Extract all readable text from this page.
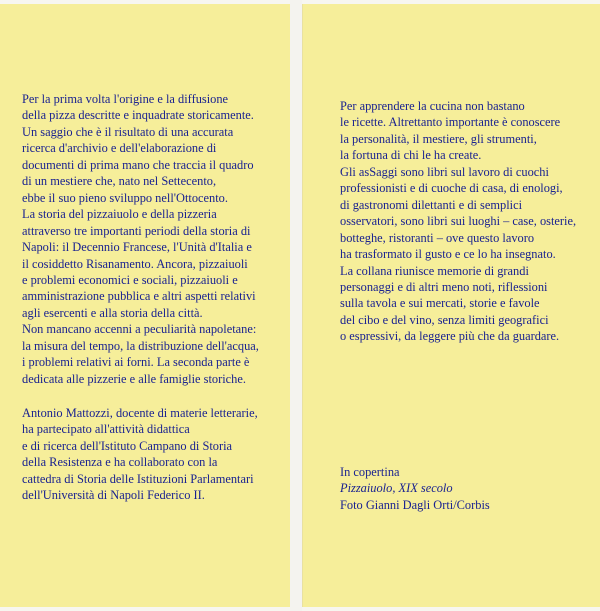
Per la prima volta l'origine e la diffusione
della pizza descritte e inquadrate storicamente.
Un saggio che è il risultato di una accurata
ricerca d'archivio e dell'elaborazione di
documenti di prima mano che traccia il quadro
di un mestiere che, nato nel Settecento,
ebbe il suo pieno sviluppo nell'Ottocento.
La storia del pizzaiuolo e della pizzeria
attraverso tre importanti periodi della storia di
Napoli: il Decennio Francese, l'Unità d'Italia e
il cosiddetto Risanamento. Ancora, pizzaiuoli
e problemi economici e sociali, pizzaiuoli e
amministrazione pubblica e altri aspetti relativi
agli esercenti e alla storia della città.
Non mancano accenni a peculiarità napoletane:
la misura del tempo, la distribuzione dell'acqua,
i problemi relativi ai forni. La seconda parte è
dedicata alle pizzerie e alle famiglie storiche.
Antonio Mattozzi, docente di materie letterarie,
ha partecipato all'attività didattica
e di ricerca dell'Istituto Campano di Storia
della Resistenza e ha collaborato con la
cattedra di Storia delle Istituzioni Parlamentari
dell'Università di Napoli Federico II.
Per apprendere la cucina non bastano
le ricette. Altrettanto importante è conoscere
la personalità, il mestiere, gli strumenti,
la fortuna di chi le ha create.
Gli asSaggi sono libri sul lavoro di cuochi
professionisti e di cuoche di casa, di enologi,
di gastronomi dilettanti e di semplici
osservatori, sono libri sui luoghi – case, osterie,
botteghe, ristoranti – ove questo lavoro
ha trasformato il gusto e ce lo ha insegnato.
La collana riunisce memorie di grandi
personaggi e di altri meno noti, riflessioni
sulla tavola e sui mercati, storie e favole
del cibo e del vino, senza limiti geografici
o espressivi, da leggere più che da guardare.
In copertina
Pizzaiuolo, XIX secolo
Foto Gianni Dagli Orti/Corbis
